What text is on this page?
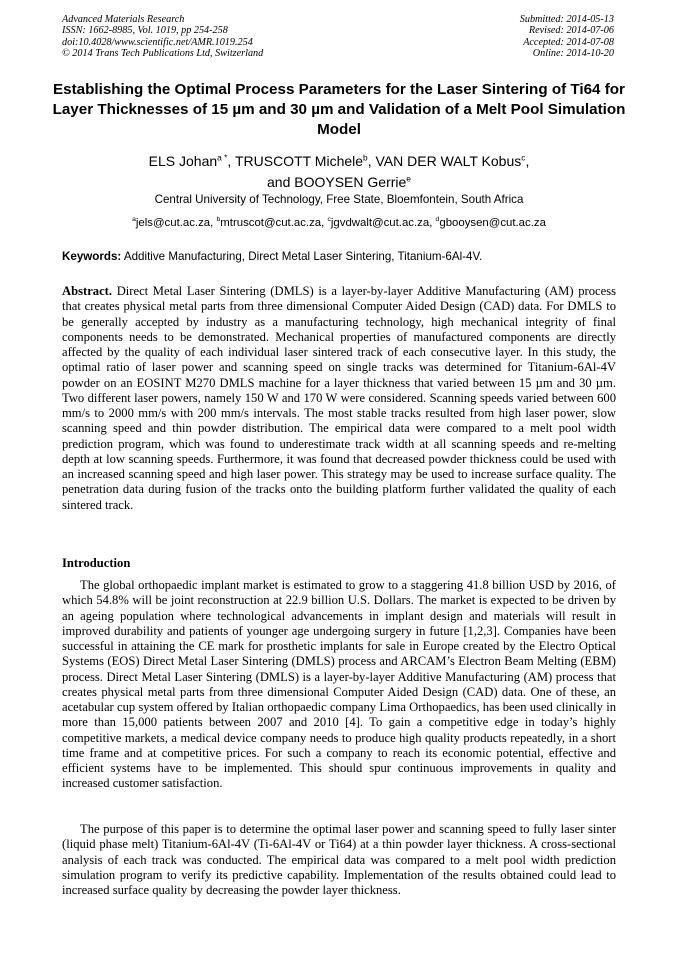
Advanced Materials Research
ISSN: 1662-8985, Vol. 1019, pp 254-258
doi:10.4028/www.scientific.net/AMR.1019.254
© 2014 Trans Tech Publications Ltd, Switzerland
Submitted: 2014-05-13
Revised: 2014-07-06
Accepted: 2014-07-08
Online: 2014-10-20
Establishing the Optimal Process Parameters for the Laser Sintering of Ti64 for Layer Thicknesses of 15 µm and 30 µm and Validation of a Melt Pool Simulation Model
ELS Johan$^{a *}$, TRUSCOTT Michele$^b$, VAN DER WALT Kobus$^c$,
and BOOYSEN Gerrie$^e$
Central University of Technology, Free State, Bloemfontein, South Africa
$^a$jels@cut.ac.za, $^b$mtruscot@cut.ac.za, $^c$jgvdwalt@cut.ac.za, $^d$gbooysen@cut.ac.za
Keywords: Additive Manufacturing, Direct Metal Laser Sintering, Titanium-6Al-4V.

Abstract. Direct Metal Laser Sintering (DMLS) is a layer-by-layer Additive Manufacturing (AM) process that creates physical metal parts from three dimensional Computer Aided Design (CAD) data. For DMLS to be generally accepted by industry as a manufacturing technology, high mechanical integrity of final components needs to be demonstrated. Mechanical properties of manufactured components are directly affected by the quality of each individual laser sintered track of each consecutive layer. In this study, the optimal ratio of laser power and scanning speed on single tracks was determined for Titanium-6Al-4V powder on an EOSINT M270 DMLS machine for a layer thickness that varied between 15 µm and 30 µm. Two different laser powers, namely 150 W and 170 W were considered. Scanning speeds varied between 600 mm/s to 2000 mm/s with 200 mm/s intervals. The most stable tracks resulted from high laser power, slow scanning speed and thin powder distribution. The empirical data were compared to a melt pool width prediction program, which was found to underestimate track width at all scanning speeds and re-melting depth at low scanning speeds. Furthermore, it was found that decreased powder thickness could be used with an increased scanning speed and high laser power. This strategy may be used to increase surface quality. The penetration data during fusion of the tracks onto the building platform further validated the quality of each sintered track.

Introduction

The global orthopaedic implant market is estimated to grow to a staggering 41.8 billion USD by 2016, of which 54.8% will be joint reconstruction at 22.9 billion U.S. Dollars. The market is expected to be driven by an ageing population where technological advancements in implant design and materials will result in improved durability and patients of younger age undergoing surgery in future [1,2,3]. Companies have been successful in attaining the CE mark for prosthetic implants for sale in Europe created by the Electro Optical Systems (EOS) Direct Metal Laser Sintering (DMLS) process and ARCAM’s Electron Beam Melting (EBM) process. Direct Metal Laser Sintering (DMLS) is a layer-by-layer Additive Manufacturing (AM) process that creates physical metal parts from three dimensional Computer Aided Design (CAD) data. One of these, an acetabular cup system offered by Italian orthopaedic company Lima Orthopaedics, has been used clinically in more than 15,000 patients between 2007 and 2010 [4]. To gain a competitive edge in today’s highly competitive markets, a medical device company needs to produce high quality products repeatedly, in a short time frame and at competitive prices. For such a company to reach its economic potential, effective and efficient systems have to be implemented. This should spur continuous improvements in quality and increased customer satisfaction.

The purpose of this paper is to determine the optimal laser power and scanning speed to fully laser sinter (liquid phase melt) Titanium-6Al-4V (Ti-6Al-4V or Ti64) at a thin powder layer thickness. A cross-sectional analysis of each track was conducted. The empirical data was compared to a melt pool width prediction simulation program to verify its predictive capability. Implementation of the results obtained could lead to increased surface quality by decreasing the powder layer thickness.
